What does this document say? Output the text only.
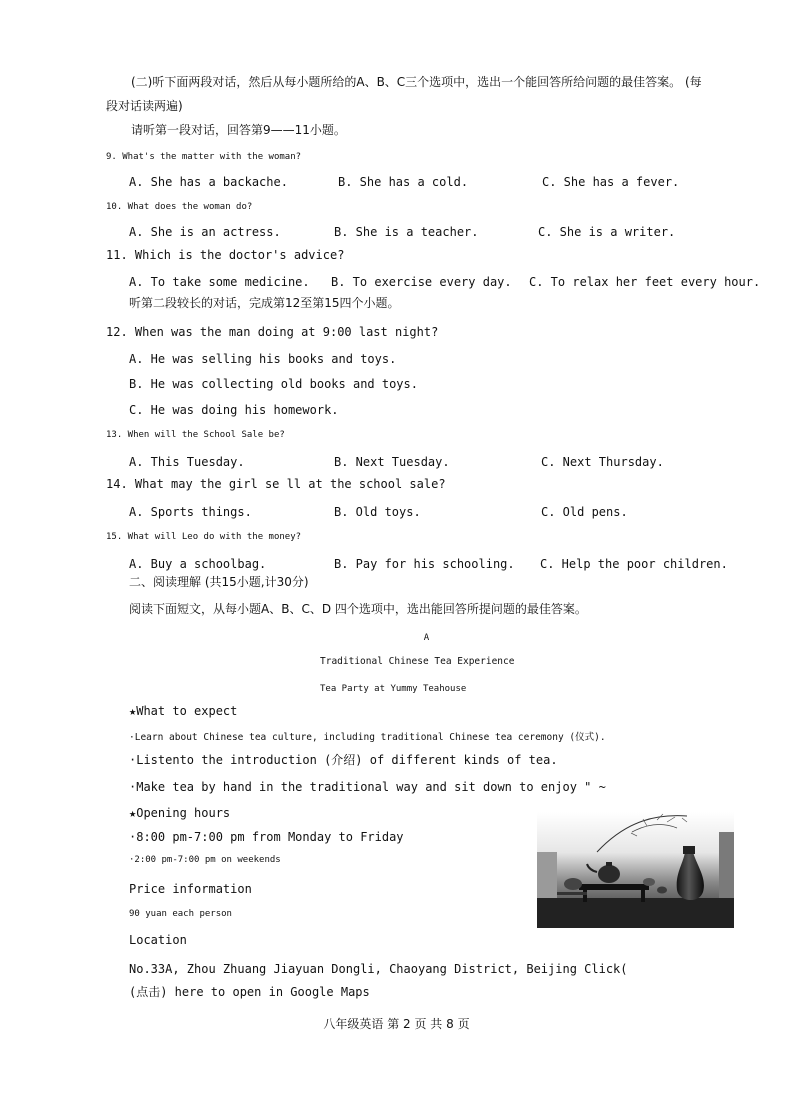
(二)听下面两段对话，然后从每小题所给的A、B、C三个选项中，选出一个能回答所给问题的最佳答案。 (每
段对话读两遍)
请听第一段对话，回答第9——11小题。
9. What's the matter with the woman?
A. She has a backache.	B. She has a cold.	C. She has a fever.
10. What does the woman do?
A. She is an actress.	B. She is a teacher.	C. She is a writer.
11. Which is the doctor's advice?
A. To take some medicine. B. To exercise every day. C. To relax her feet every hour.
听第二段较长的对话，完成第12至第15四个小题。
12. When was the man doing at 9:00 last night?
A. He was selling his books and toys.
B. He was collecting old books and toys.
C. He was doing his homework.
13. When will the School Sale be?
A. This Tuesday.	B. Next Tuesday.	C. Next Thursday.
14. What may the girl se ll at the school sale?
A. Sports things.	B. Old toys.	C. Old pens.
15. What will Leo do with the money?
A. Buy a schoolbag.	B. Pay for his schooling. C. Help the poor children.
二、阅读理解 (共15小题,计30分)
阅读下面短文，从每小题A、B、C、D 四个选项中，选出能回答所提问题的最佳答案。
A
Traditional Chinese Tea Experience
Tea Party at Yummy Teahouse
★What to expect
·Learn about Chinese tea culture, including traditional Chinese tea ceremony (仪式).
·Listento the introduction (介绍) of different kinds of tea.
·Make tea by hand in the traditional way and sit down to enjoy " ~
★Opening hours
·8:00 pm-7:00 pm from Monday to Friday
·2:00 pm-7:00 pm on weekends
Price information
90 yuan each person
Location
No.33A, Zhou Zhuang Jiayuan Dongli, Chaoyang District, Beijing Click(
(点击) here to open in Google Maps
八年级英语 第 2 页 共 8 页
